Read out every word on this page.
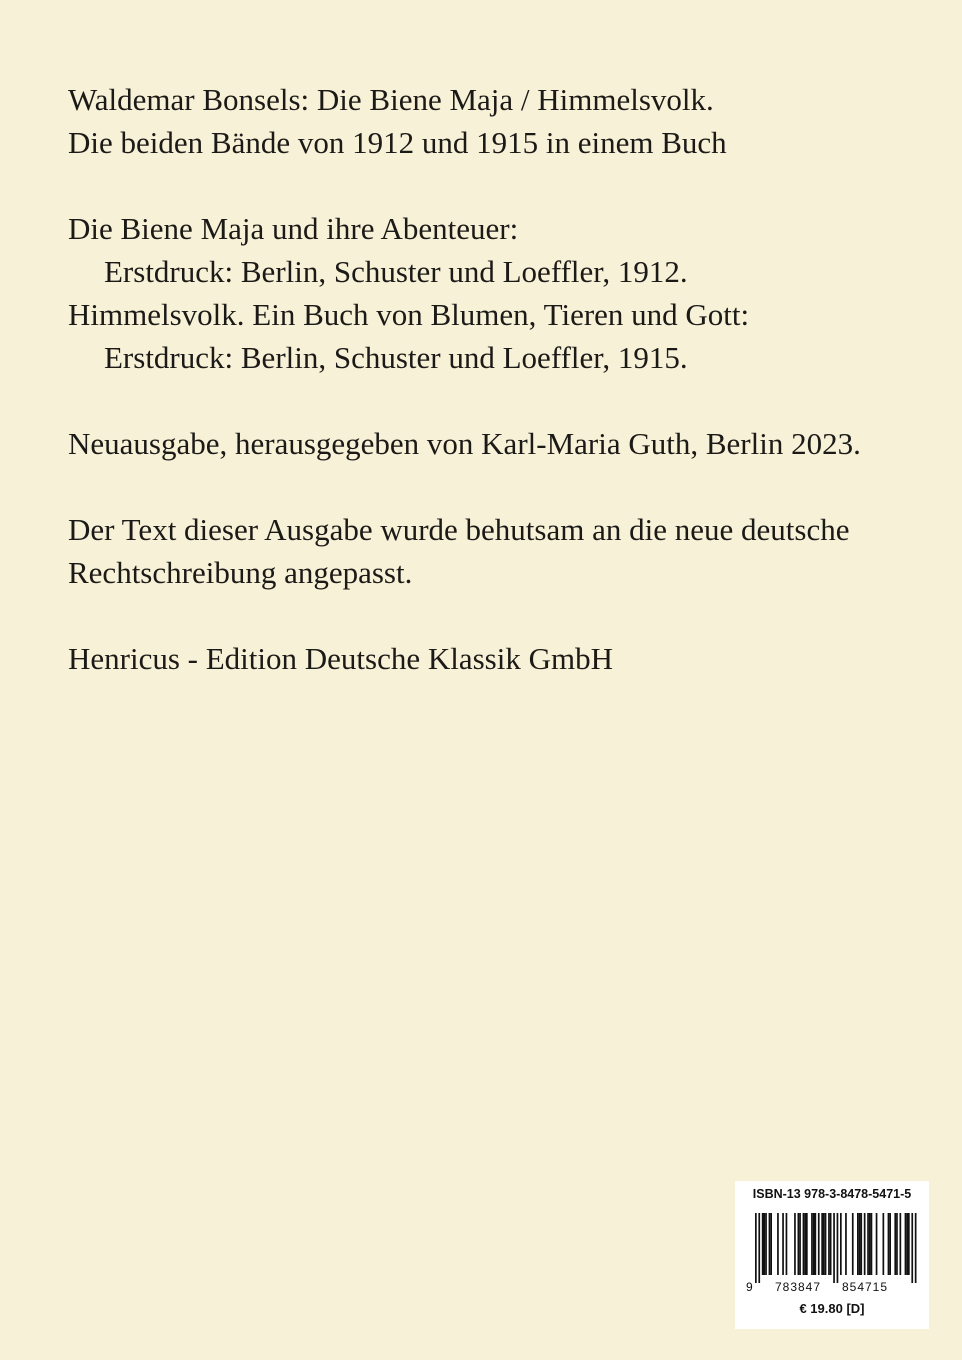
Waldemar Bonsels: Die Biene Maja / Himmelsvolk.

Die beiden Bände von 1912 und 1915 in einem Buch

Die Biene Maja und ihre Abenteuer:

Erstdruck: Berlin, Schuster und Loeffler, 1912.

Himmelsvolk. Ein Buch von Blumen, Tieren und Gott:

Erstdruck: Berlin, Schuster und Loeffler, 1915.

Neuausgabe, herausgegeben von Karl-Maria Guth, Berlin 2023.

Der Text dieser Ausgabe wurde behutsam an die neue deutsche

Rechtschreibung angepasst.

Henricus - Edition Deutsche Klassik GmbH

ISBN-13 978-3-8478-5471-5
9 783847 854715
€ 19.80 [D]
